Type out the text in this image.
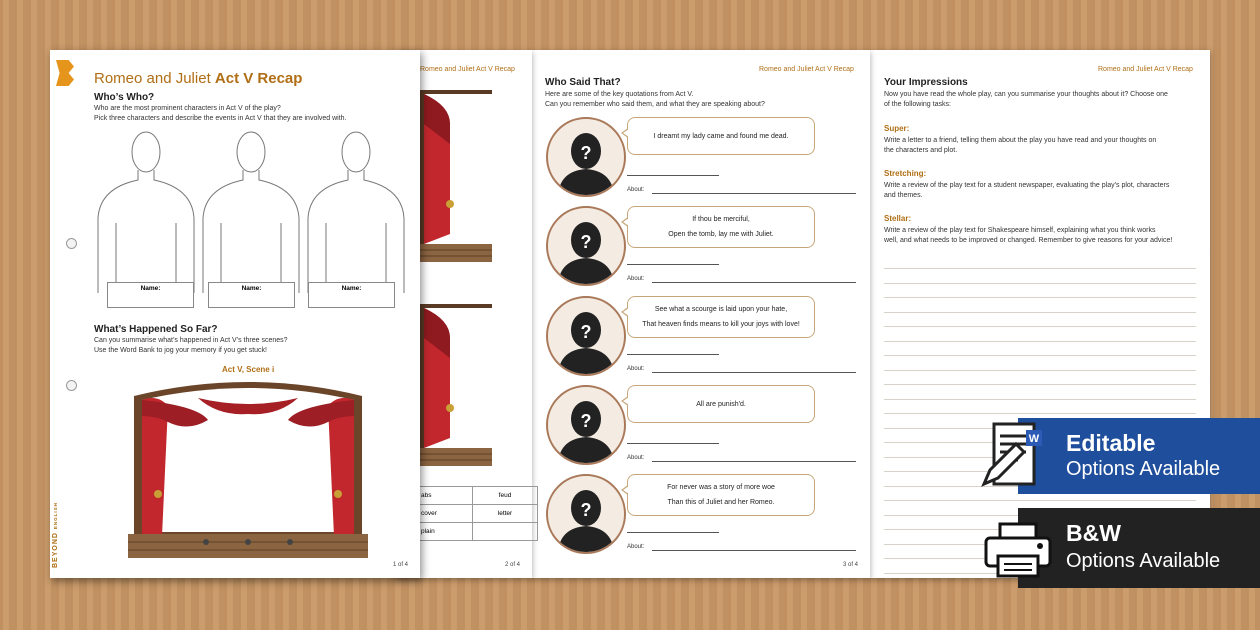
Romeo and Juliet Act V Recap
Your Impressions
Now you have read the whole play, can you summarise your thoughts about it? Choose one
of the following tasks:
Super:
Write a letter to a friend, telling them about the play you have read and your thoughts on
the characters and plot.
Stretching:
Write a review of the play text for a student newspaper, evaluating the play’s plot, characters
and themes.
Stellar:
Write a review of the play text for Shakespeare himself, explaining what you think works
well, and what needs to be improved or changed. Remember to give reasons for your advice!
Romeo and Juliet Act V Recap
Who Said That?
Here are some of the key quotations from Act V.
Can you remember who said them, and what they are speaking about?
?
I dreamt my lady came and found me dead.
About:
?
If thou be merciful,
Open the tomb, lay me with Juliet.
About:
?
See what a scourge is laid upon your hate,
That heaven finds means to kill your joys with love!
About:
?
All are punish'd.
About:
?
For never was a story of more woe
Than this of Juliet and her Romeo.
About:
3 of 4
Romeo and Juliet Act V Recap
abs	feud
cover	letter
plain	
2 of 4
Romeo and Juliet Act V Recap
Who’s Who?
Who are the most prominent characters in Act V of the play?
Pick three characters and describe the events in Act V that they are involved with.
Name:	Name:	Name:
What’s Happened So Far?
Can you summarise what’s happened in Act V’s three scenes?
Use the Word Bank to jog your memory if you get stuck!
Act V, Scene i
BEYOND ENGLISH
1 of 4
Editable
Options Available
W
B&W
Options Available
